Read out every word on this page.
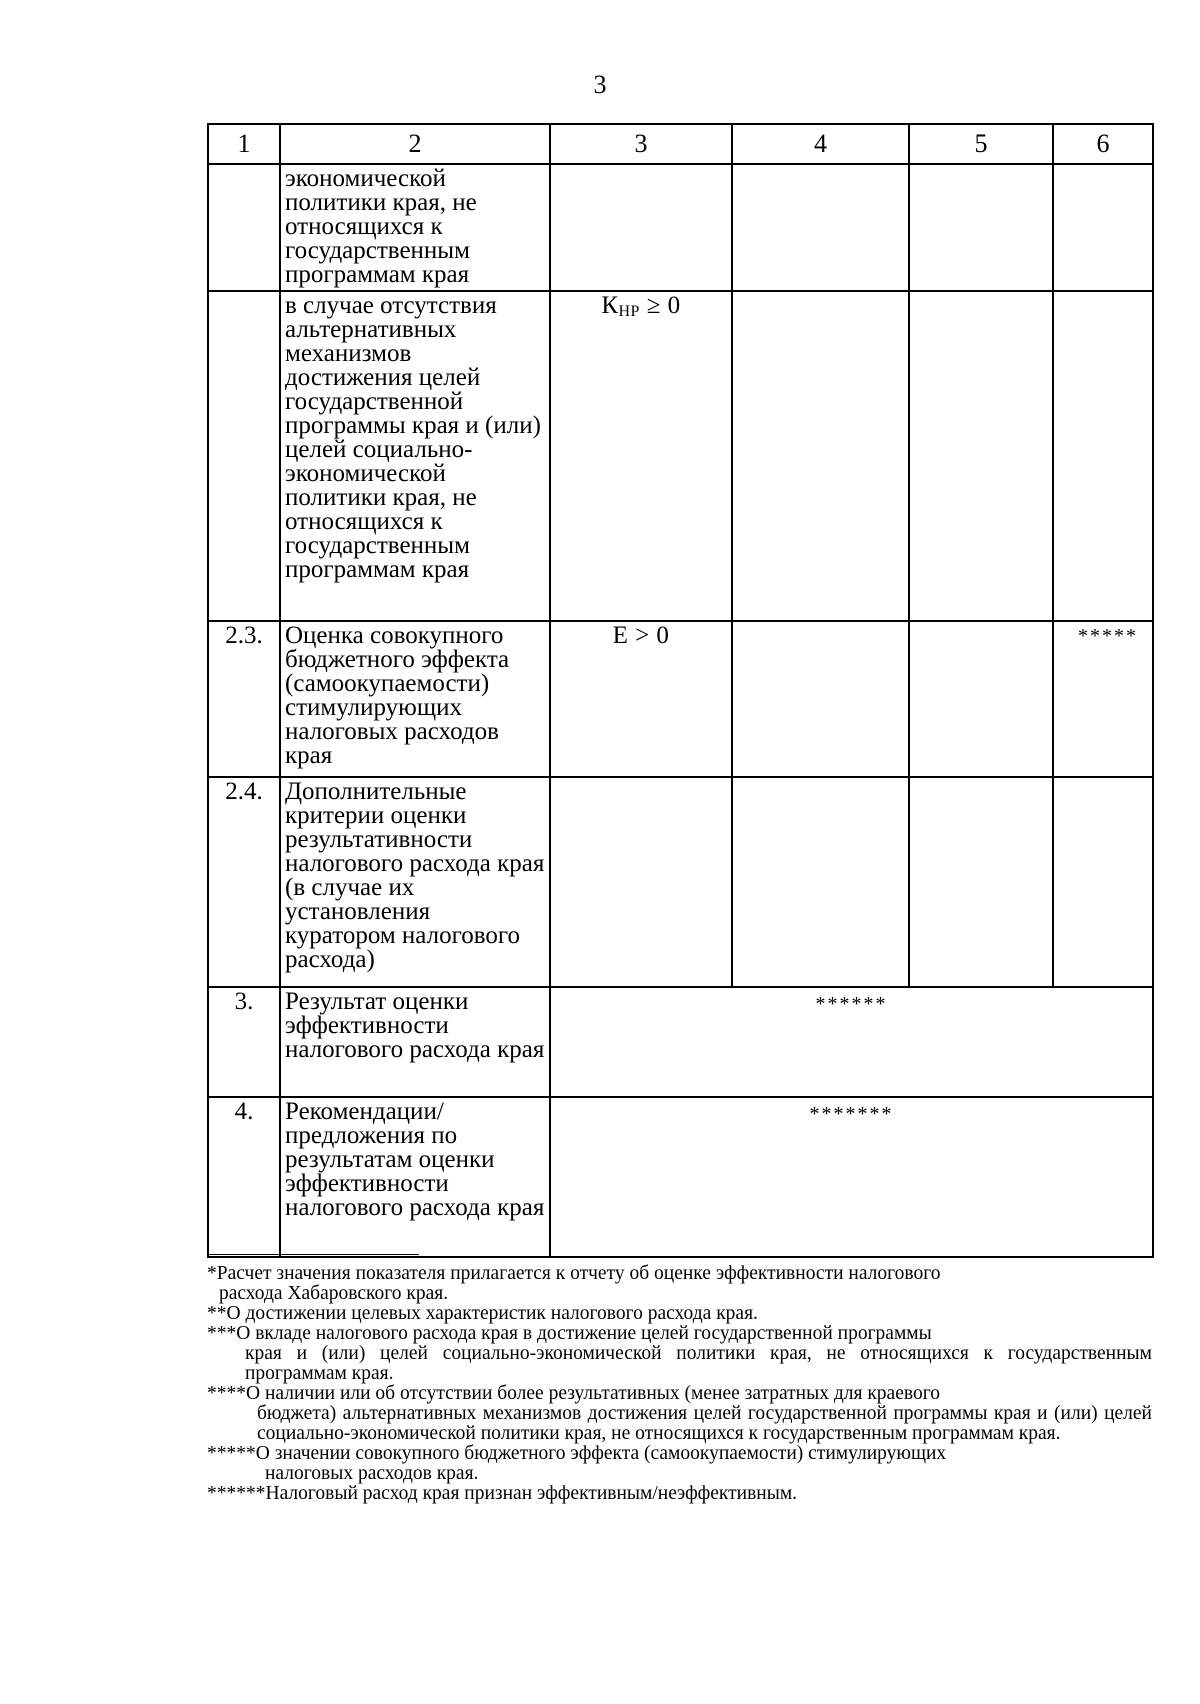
3
1	2	3	4	5	6
	экономической политики края, не относящихся к государственным программам края				
	в случае отсутствия альтернативных механизмов достижения целей государственной программы края и (или) целей социально-экономической политики края, не относящихся к государственным программам края	$К_{НР} \ge 0$			
2.3.	Оценка совокупного бюджетного эффекта (самоокупаемости) стимулирующих налоговых расходов края	E > 0			*****
2.4.	Дополнительные критерии оценки результативности налогового расхода края (в случае их установления куратором налогового расхода)				
3.	Результат оценки эффективности налогового расхода края	******			
4.	Рекомендации/ предложения по результатам оценки эффективности налогового расхода края	*******			

*Расчет значения показателя прилагается к отчету об оценке эффективности налогового
расхода Хабаровского края.

**О достижении целевых характеристик налогового расхода края.

***О вкладе налогового расхода края в достижение целей государственной программы

края и (или) целей социально-экономической политики края, не относящихся к государственным программам края.

****О наличии или об отсутствии более результативных (менее затратных для краевого

бюджета) альтернативных механизмов достижения целей государственной программы края и (или) целей социально-экономической политики края, не относящихся к государственным программам края.

*****О значении совокупного бюджетного эффекта (самоокупаемости) стимулирующих

налоговых расходов края.

******Налоговый расход края признан эффективным/неэффективным.
